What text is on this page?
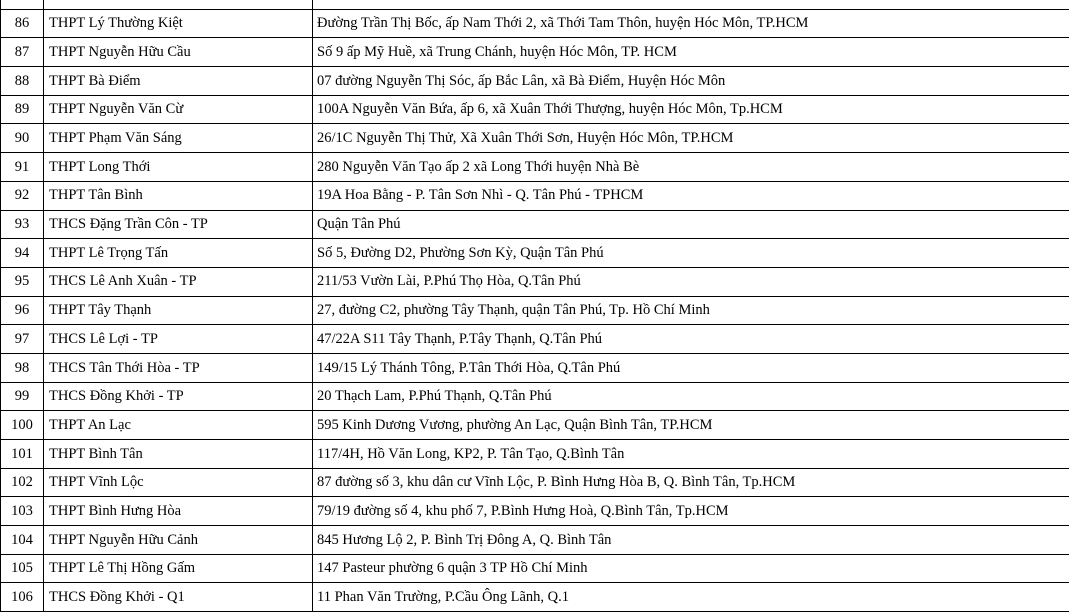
86	THPT Lý Thường Kiệt	Đường Trần Thị Bốc, ấp Nam Thới 2, xã Thới Tam Thôn, huyện Hóc Môn, TP.HCM
87	THPT Nguyễn Hữu Cầu	Số 9 ấp Mỹ Huề, xã Trung Chánh, huyện Hóc Môn, TP. HCM
88	THPT Bà Điểm	07 đường Nguyễn Thị Sóc, ấp Bắc Lân, xã Bà Điểm, Huyện Hóc Môn
89	THPT Nguyễn Văn Cừ	100A Nguyễn Văn Bứa, ấp 6, xã Xuân Thới Thượng, huyện Hóc Môn, Tp.HCM
90	THPT Phạm Văn Sáng	26/1C Nguyễn Thị Thử, Xã Xuân Thới Sơn, Huyện Hóc Môn, TP.HCM
91	THPT Long Thới	280 Nguyễn Văn Tạo ấp 2 xã Long Thới huyện Nhà Bè
92	THPT Tân Bình	19A Hoa Bằng - P. Tân Sơn Nhì - Q. Tân Phú - TPHCM
93	THCS Đặng Trần Côn - TP	Quận Tân Phú
94	THPT Lê Trọng Tấn	Số 5, Đường D2, Phường Sơn Kỳ, Quận Tân Phú
95	THCS Lê Anh Xuân - TP	211/53 Vườn Lài, P.Phú Thọ Hòa, Q.Tân Phú
96	THPT Tây Thạnh	27, đường C2, phường Tây Thạnh, quận Tân Phú, Tp. Hồ Chí Minh
97	THCS Lê Lợi - TP	47/22A S11 Tây Thạnh, P.Tây Thạnh, Q.Tân Phú
98	THCS Tân Thới Hòa - TP	149/15 Lý Thánh Tông, P.Tân Thới Hòa, Q.Tân Phú
99	THCS Đồng Khởi - TP	20 Thạch Lam, P.Phú Thạnh, Q.Tân Phú
100	THPT An Lạc	595 Kinh Dương Vương, phường An Lạc, Quận Bình Tân, TP.HCM
101	THPT Bình Tân	117/4H, Hồ Văn Long, KP2, P. Tân Tạo, Q.Bình Tân
102	THPT Vĩnh Lộc	87 đường số 3, khu dân cư Vĩnh Lộc, P. Bình Hưng Hòa B, Q. Bình Tân, Tp.HCM
103	THPT Bình Hưng Hòa	79/19 đường số 4, khu phố 7, P.Bình Hưng Hoà, Q.Bình Tân, Tp.HCM
104	THPT Nguyễn Hữu Cảnh	845 Hương Lộ 2, P. Bình Trị Đông A, Q. Bình Tân
105	THPT Lê Thị Hồng Gấm	147 Pasteur phường 6 quận 3 TP Hồ Chí Minh
106	THCS Đồng Khởi - Q1	11 Phan Văn Trường, P.Cầu Ông Lãnh, Q.1
